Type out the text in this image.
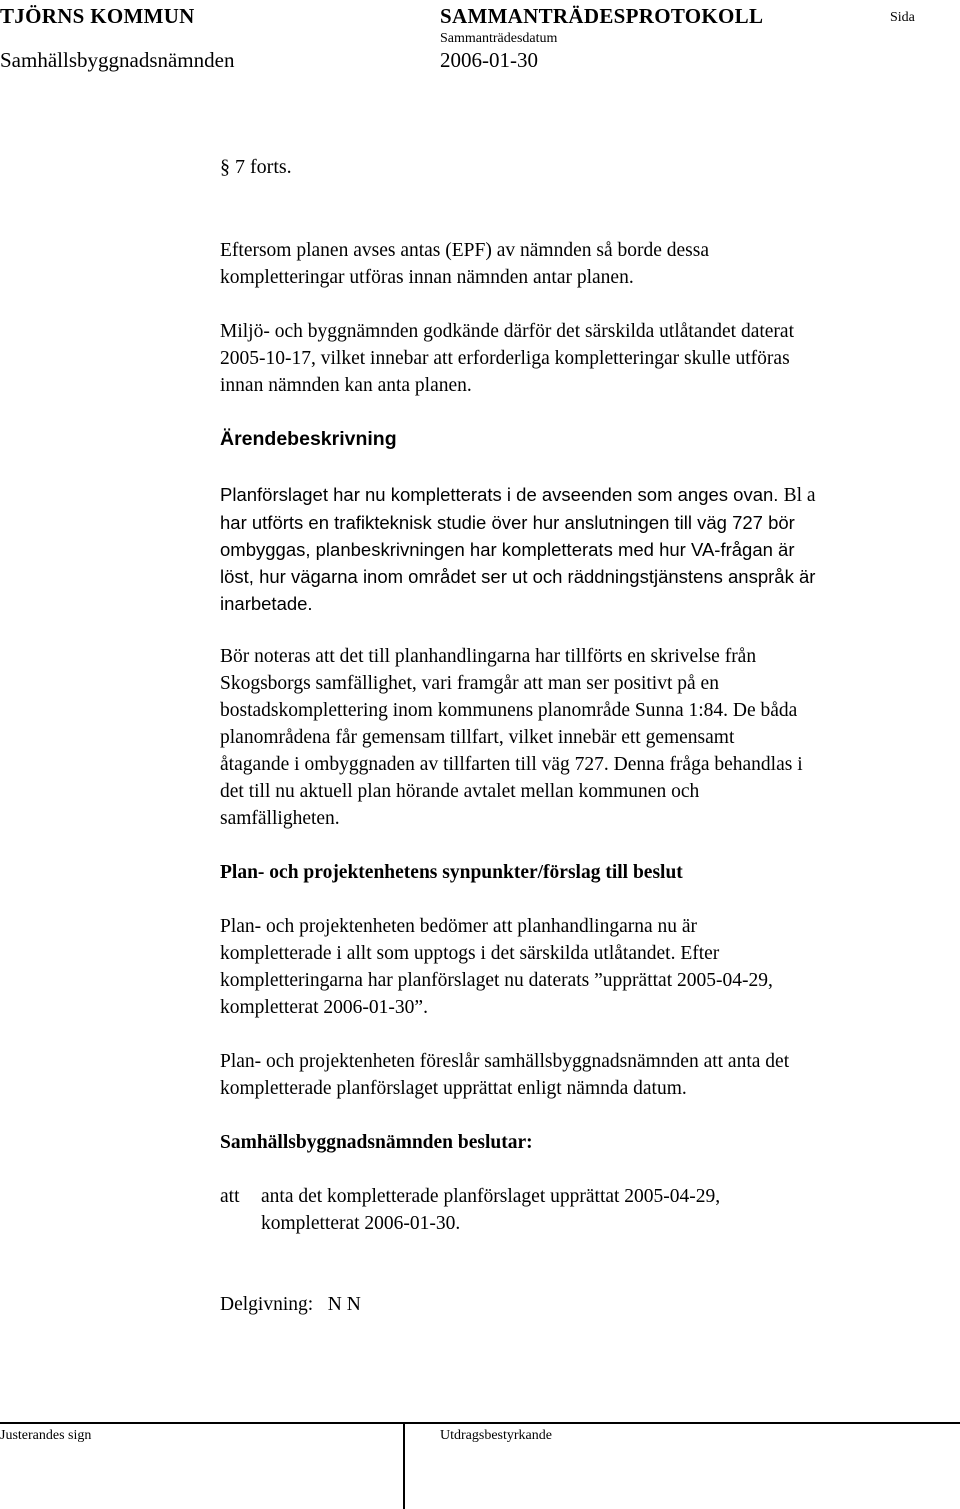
TJÖRNS KOMMUN	SAMMANTRÄDESPROTOKOLL	Sida
Samhällsbyggnadsnämnden
Sammanträdesdatum
2006-01-30
§ 7 forts.
Eftersom planen avses antas (EPF) av nämnden så borde dessa
kompletteringar utföras innan nämnden antar planen.
Miljö- och byggnämnden godkände därför det särskilda utlåtandet daterat
2005-10-17, vilket innebar att erforderliga kompletteringar skulle utföras
innan nämnden kan anta planen.
Ärendebeskrivning
Planförslaget har nu kompletterats i de avseenden som anges ovan. Bl a
har utförts en trafikteknisk studie över hur anslutningen till väg 727 bör
ombyggas, planbeskrivningen har kompletterats med hur VA-frågan är
löst, hur vägarna inom området ser ut och räddningstjänstens anspråk är
inarbetade.
Bör noteras att det till planhandlingarna har tillförts en skrivelse från
Skogsborgs samfällighet, vari framgår att man ser positivt på en
bostadskomplettering inom kommunens planområde Sunna 1:84. De båda
planområdena får gemensam tillfart, vilket innebär ett gemensamt
åtagande i ombyggnaden av tillfarten till väg 727. Denna fråga behandlas i
det till nu aktuell plan hörande avtalet mellan kommunen och
samfälligheten.
Plan- och projektenhetens synpunkter/förslag till beslut
Plan- och projektenheten bedömer att planhandlingarna nu är
kompletterade i allt som upptogs i det särskilda utlåtandet. Efter
kompletteringarna har planförslaget nu daterats ”upprättat 2005-04-29,
kompletterat 2006-01-30”.
Plan- och projektenheten föreslår samhällsbyggnadsnämnden att anta det
kompletterade planförslaget upprättat enligt nämnda datum.
Samhällsbyggnadsnämnden beslutar:
att anta det kompletterade planförslaget upprättat 2005-04-29,
kompletterat 2006-01-30.
Delgivning:   N N
Justerandes sign	Utdragsbestyrkande
